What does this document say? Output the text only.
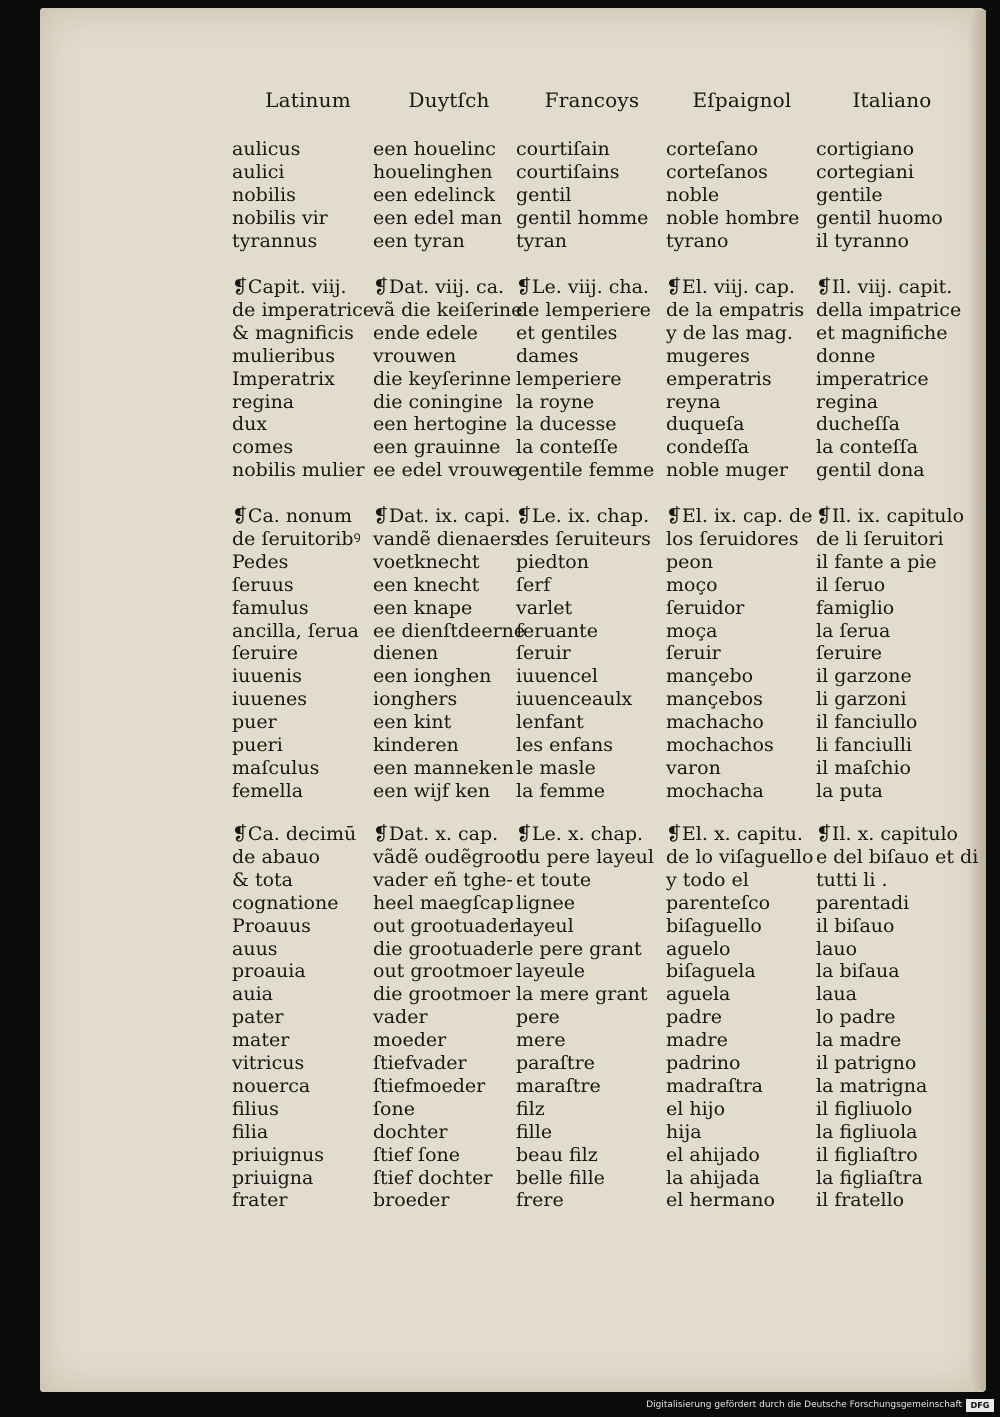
Latinum
aulicus
aulici
nobilis
nobilis vir
tyrannus
❡Capit. viij.
de imperatrice
& magnificis
mulieribus
Imperatrix
regina
dux
comes
nobilis mulier
❡Ca. nonum
de ſeruitoribꝰ
Pedes
ſeruus
famulus
ancilla, ſerua
ſeruire
iuuenis
iuuenes
puer
pueri
maſculus
femella
❡Ca. decimū
de abauo
& tota
cognatione
Proauus
auus
proauia
auia
pater
mater
vitricus
nouerca
filius
filia
priuignus
priuigna
frater
Duytſch
een houelinc
houelinghen
een edelinck
een edel man
een tyran
❡Dat. viij. ca.
vã die keiſerine
ende edele
vrouwen
die keyſerinne
die coningine
een hertogine
een grauinne
ee edel vrouwe
❡Dat. ix. capi.
vandẽ dienaers
voetknecht
een knecht
een knape
ee dienſtdeerne
dienen
een ionghen
ionghers
een kint
kinderen
een manneken
een wijf ken
❡Dat. x. cap.
vãdẽ oudẽgroot
vader eñ tghe-
heel maegſcap
out grootuader
die grootuader
out grootmoer
die grootmoer
vader
moeder
ſtiefvader
ſtiefmoeder
ſone
dochter
ſtief ſone
ſtief dochter
broeder
Francoys
courtiſain
courtiſains
gentil
gentil homme
tyran
❡Le. viij. cha.
de lemperiere
et gentiles
dames
lemperiere
la royne
la ducesse
la conteſſe
gentile femme
❡Le. ix. chap.
des ſeruiteurs
piedton
ſerf
varlet
ſeruante
ſeruir
iuuencel
iuuenceaulx
lenfant
les enfans
le masle
la femme
❡Le. x. chap.
du pere layeul
et toute
lignee
layeul
le pere grant
layeule
la mere grant
pere
mere
paraſtre
maraſtre
filz
fille
beau filz
belle fille
frere
Eſpaignol
corteſano
corteſanos
noble
noble hombre
tyrano
❡El. viij. cap.
de la empatris
y de las mag.
mugeres
emperatris
reyna
duqueſa
condeſſa
noble muger
❡El. ix. cap. de
los ſeruidores
peon
moço
ſeruidor
moça
ſeruir
mançebo
mançebos
machacho
mochachos
varon
mochacha
❡El. x. capitu.
de lo viſaguello
y todo el
parenteſco
biſaguello
aguelo
biſaguela
aguela
padre
madre
padrino
madraſtra
el hijo
hija
el ahijado
la ahijada
el hermano
Italiano
cortigiano
cortegiani
gentile
gentil huomo
il tyranno
❡Il. viij. capit.
della impatrice
et magnifiche
donne
imperatrice
regina
ducheſſa
la conteſſa
gentil dona
❡Il. ix. capitulo
de li ſeruitori
il fante a pie
il ſeruo
famiglio
la ſerua
ſeruire
il garzone
li garzoni
il fanciullo
li fanciulli
il maſchio
la puta
❡Il. x. capitulo
e del biſauo et di
tutti li .
parentadi
il biſauo
lauo
la biſaua
laua
lo padre
la madre
il patrigno
la matrigna
il figliuolo
la figliuola
il figliaſtro
la figliaſtra
il fratello
Digitalisierung gefördert durch die Deutsche Forschungsgemeinschaft	DFG
